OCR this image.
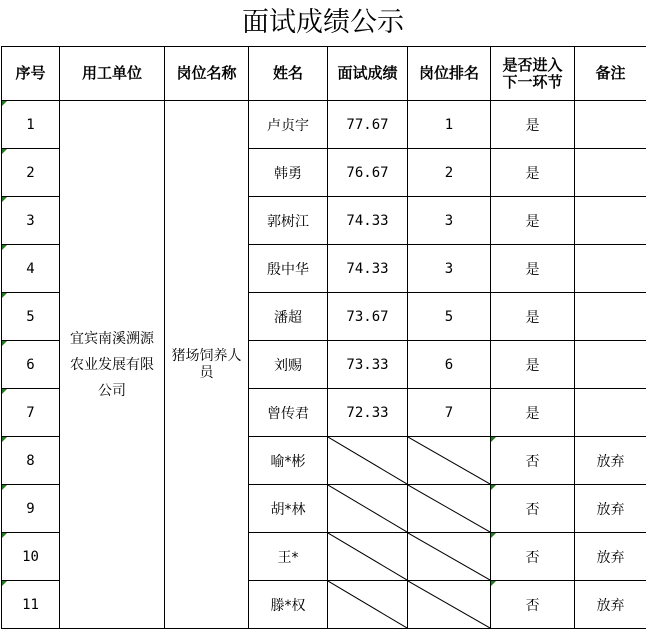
面试成绩公示
序号	用工单位	岗位名称	姓名	面试成绩	岗位排名	是否进入下一环节	备注
1	宜宾南溪溯源农业发展有限公司	猪场饲养人员	卢贞宇	77.67	1	是	
2			韩勇	76.67	2	是	
3			郭树江	74.33	3	是	
4			殷中华	74.33	3	是	
5			潘超	73.67	5	是	
6			刘赐	73.33	6	是	
7			曾传君	72.33	7	是	
8			喻*彬			否	放弃
9			胡*林			否	放弃
10			王*			否	放弃
11			滕*权			否	放弃
